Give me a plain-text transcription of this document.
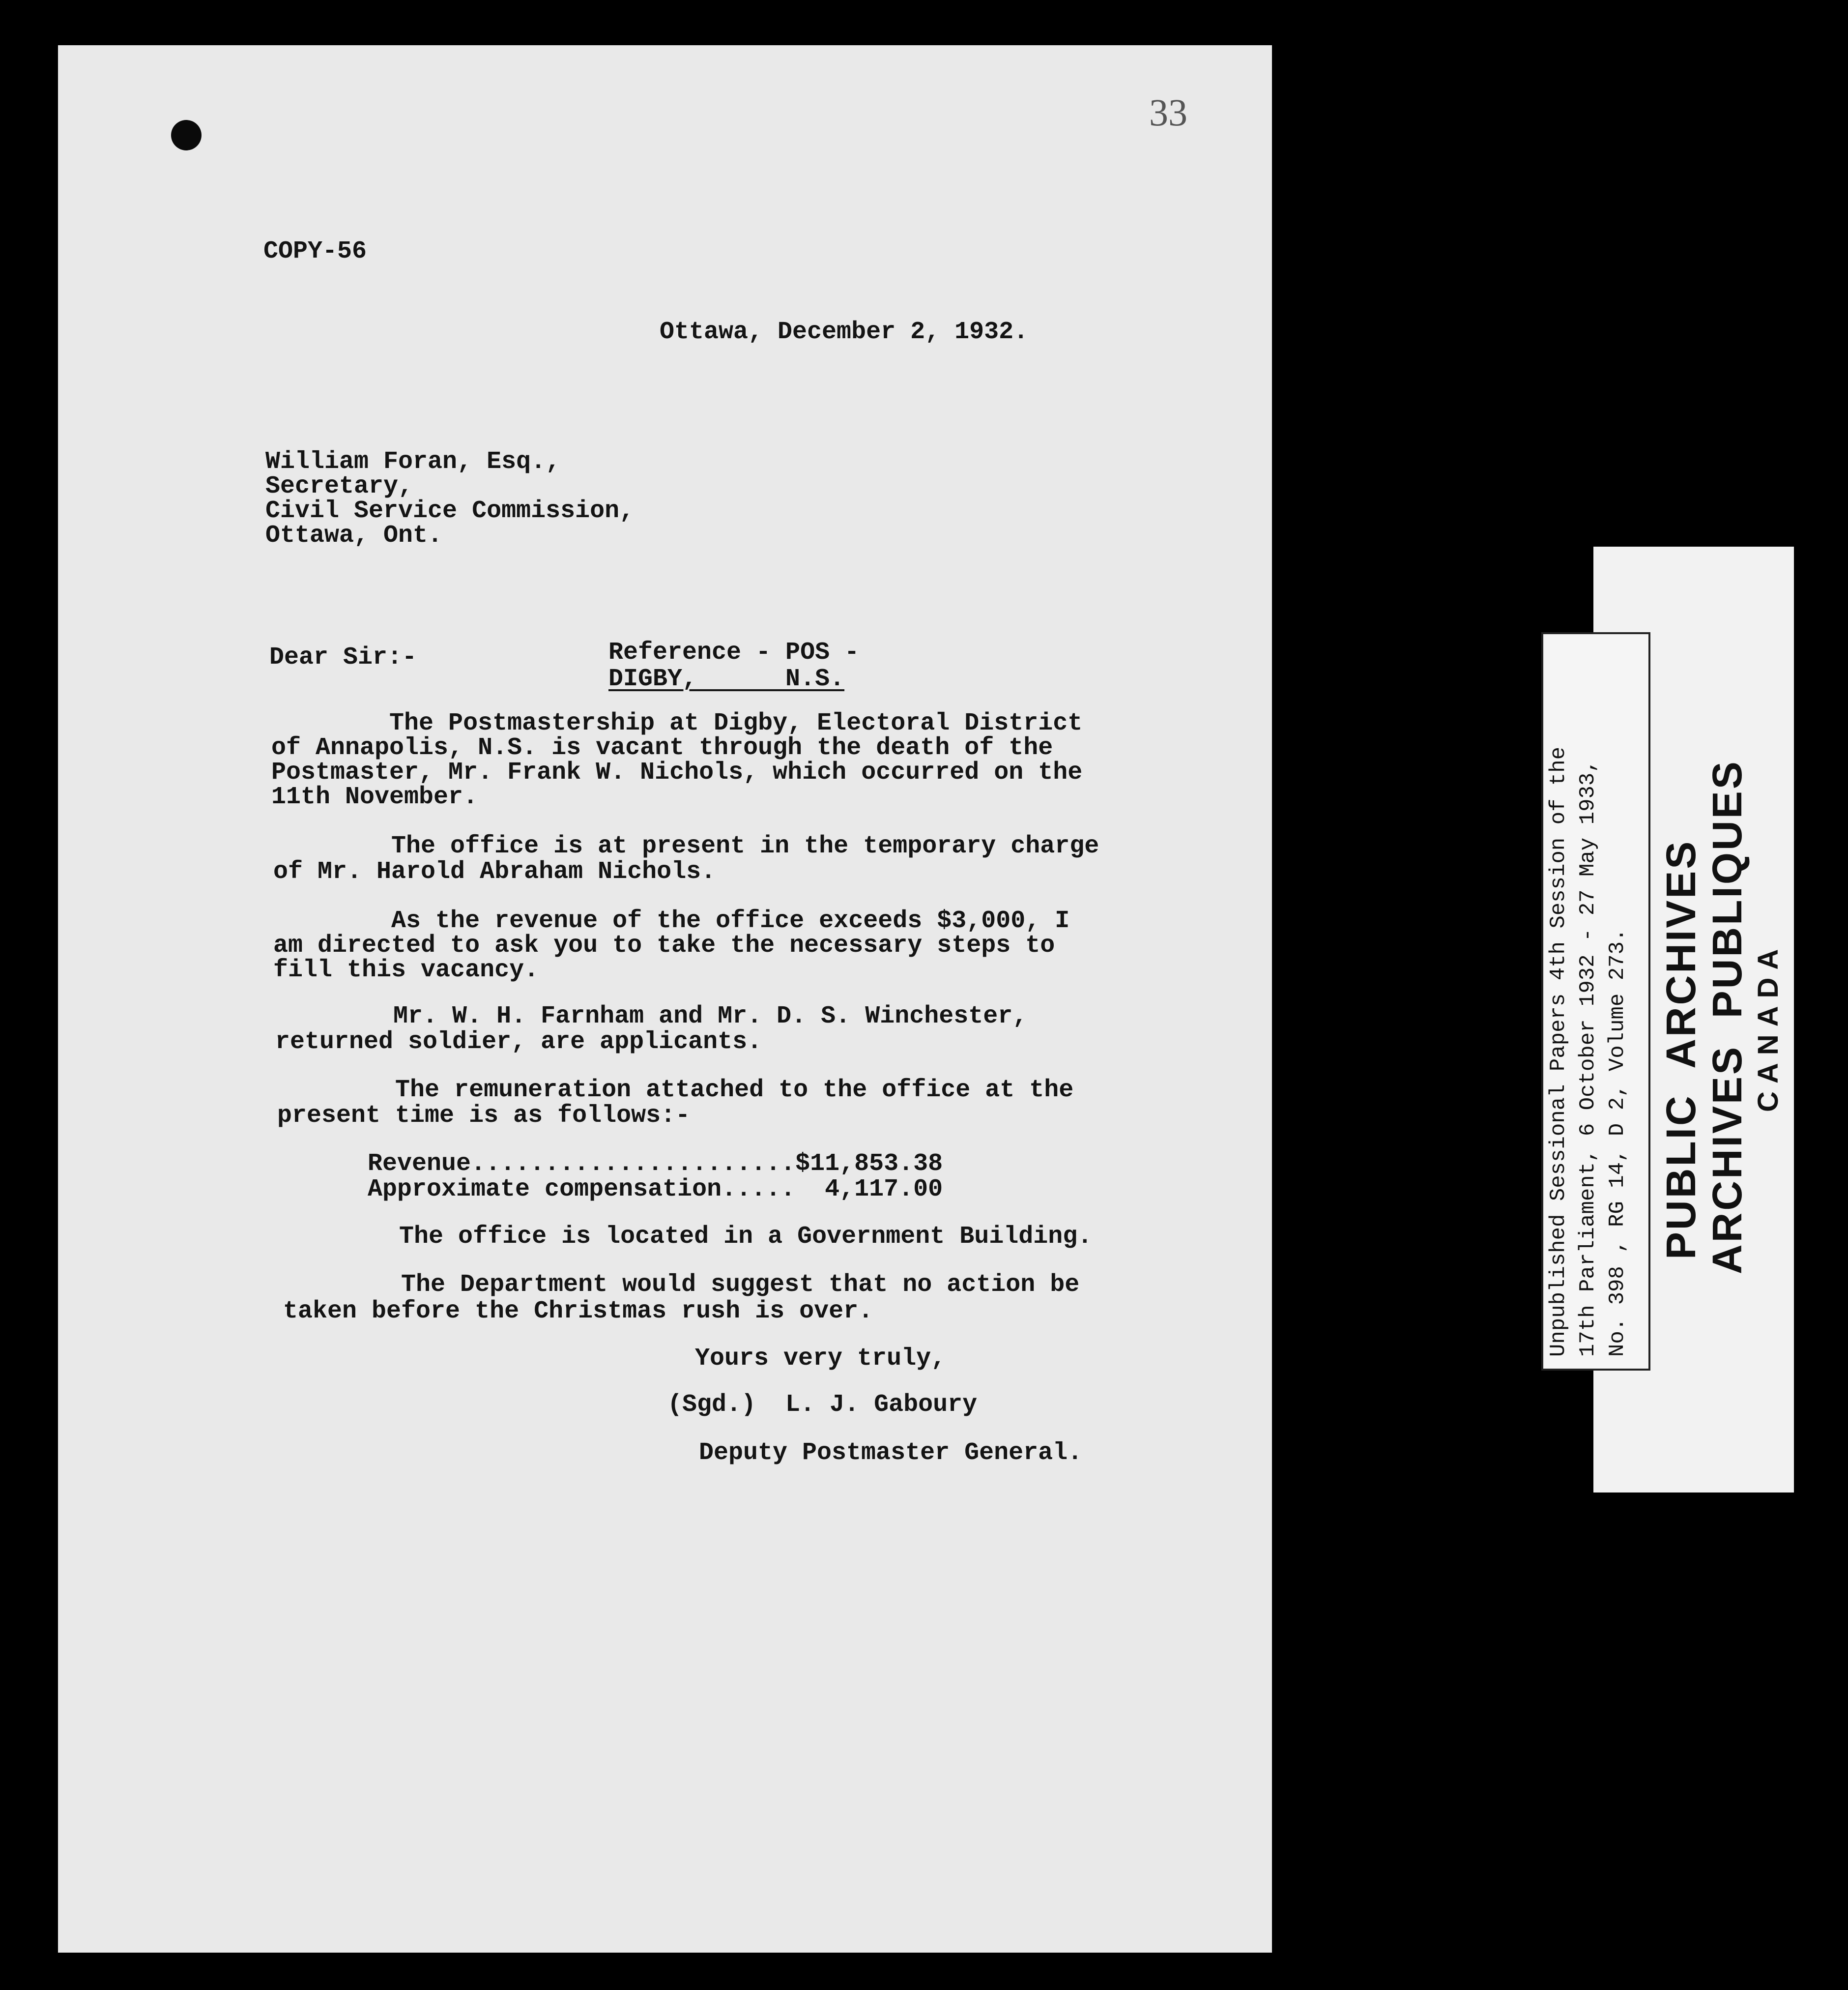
33
COPY-56
Ottawa, December 2, 1932.
William Foran, Esq.,
Secretary,
Civil Service Commission,
Ottawa, Ont.
Dear Sir:-	Reference - POS -
DIGBY,      N.S.
The Postmastership at Digby, Electoral District
of Annapolis, N.S. is vacant through the death of the
Postmaster, Mr. Frank W. Nichols, which occurred on the
11th November.
The office is at present in the temporary charge
of Mr. Harold Abraham Nichols.
As the revenue of the office exceeds $3,000, I
am directed to ask you to take the necessary steps to
fill this vacancy.
Mr. W. H. Farnham and Mr. D. S. Winchester,
returned soldier, are applicants.
The remuneration attached to the office at the
present time is as follows:-
Revenue......................$11,853.38
Approximate compensation.....  4,117.00
The office is located in a Government Building.
The Department would suggest that no action be
taken before the Christmas rush is over.
Yours very truly,
(Sgd.)  L. J. Gaboury
Deputy Postmaster General.
PUBLIC  ARCHIVES ARCHIVES  PUBLIQUES CANADA
Unpublished Sessional Papers 4th Session of the 17th Parliament, 6 October 1932 - 27 May 1933, No. 398 , RG 14, D 2, Volume 273.
